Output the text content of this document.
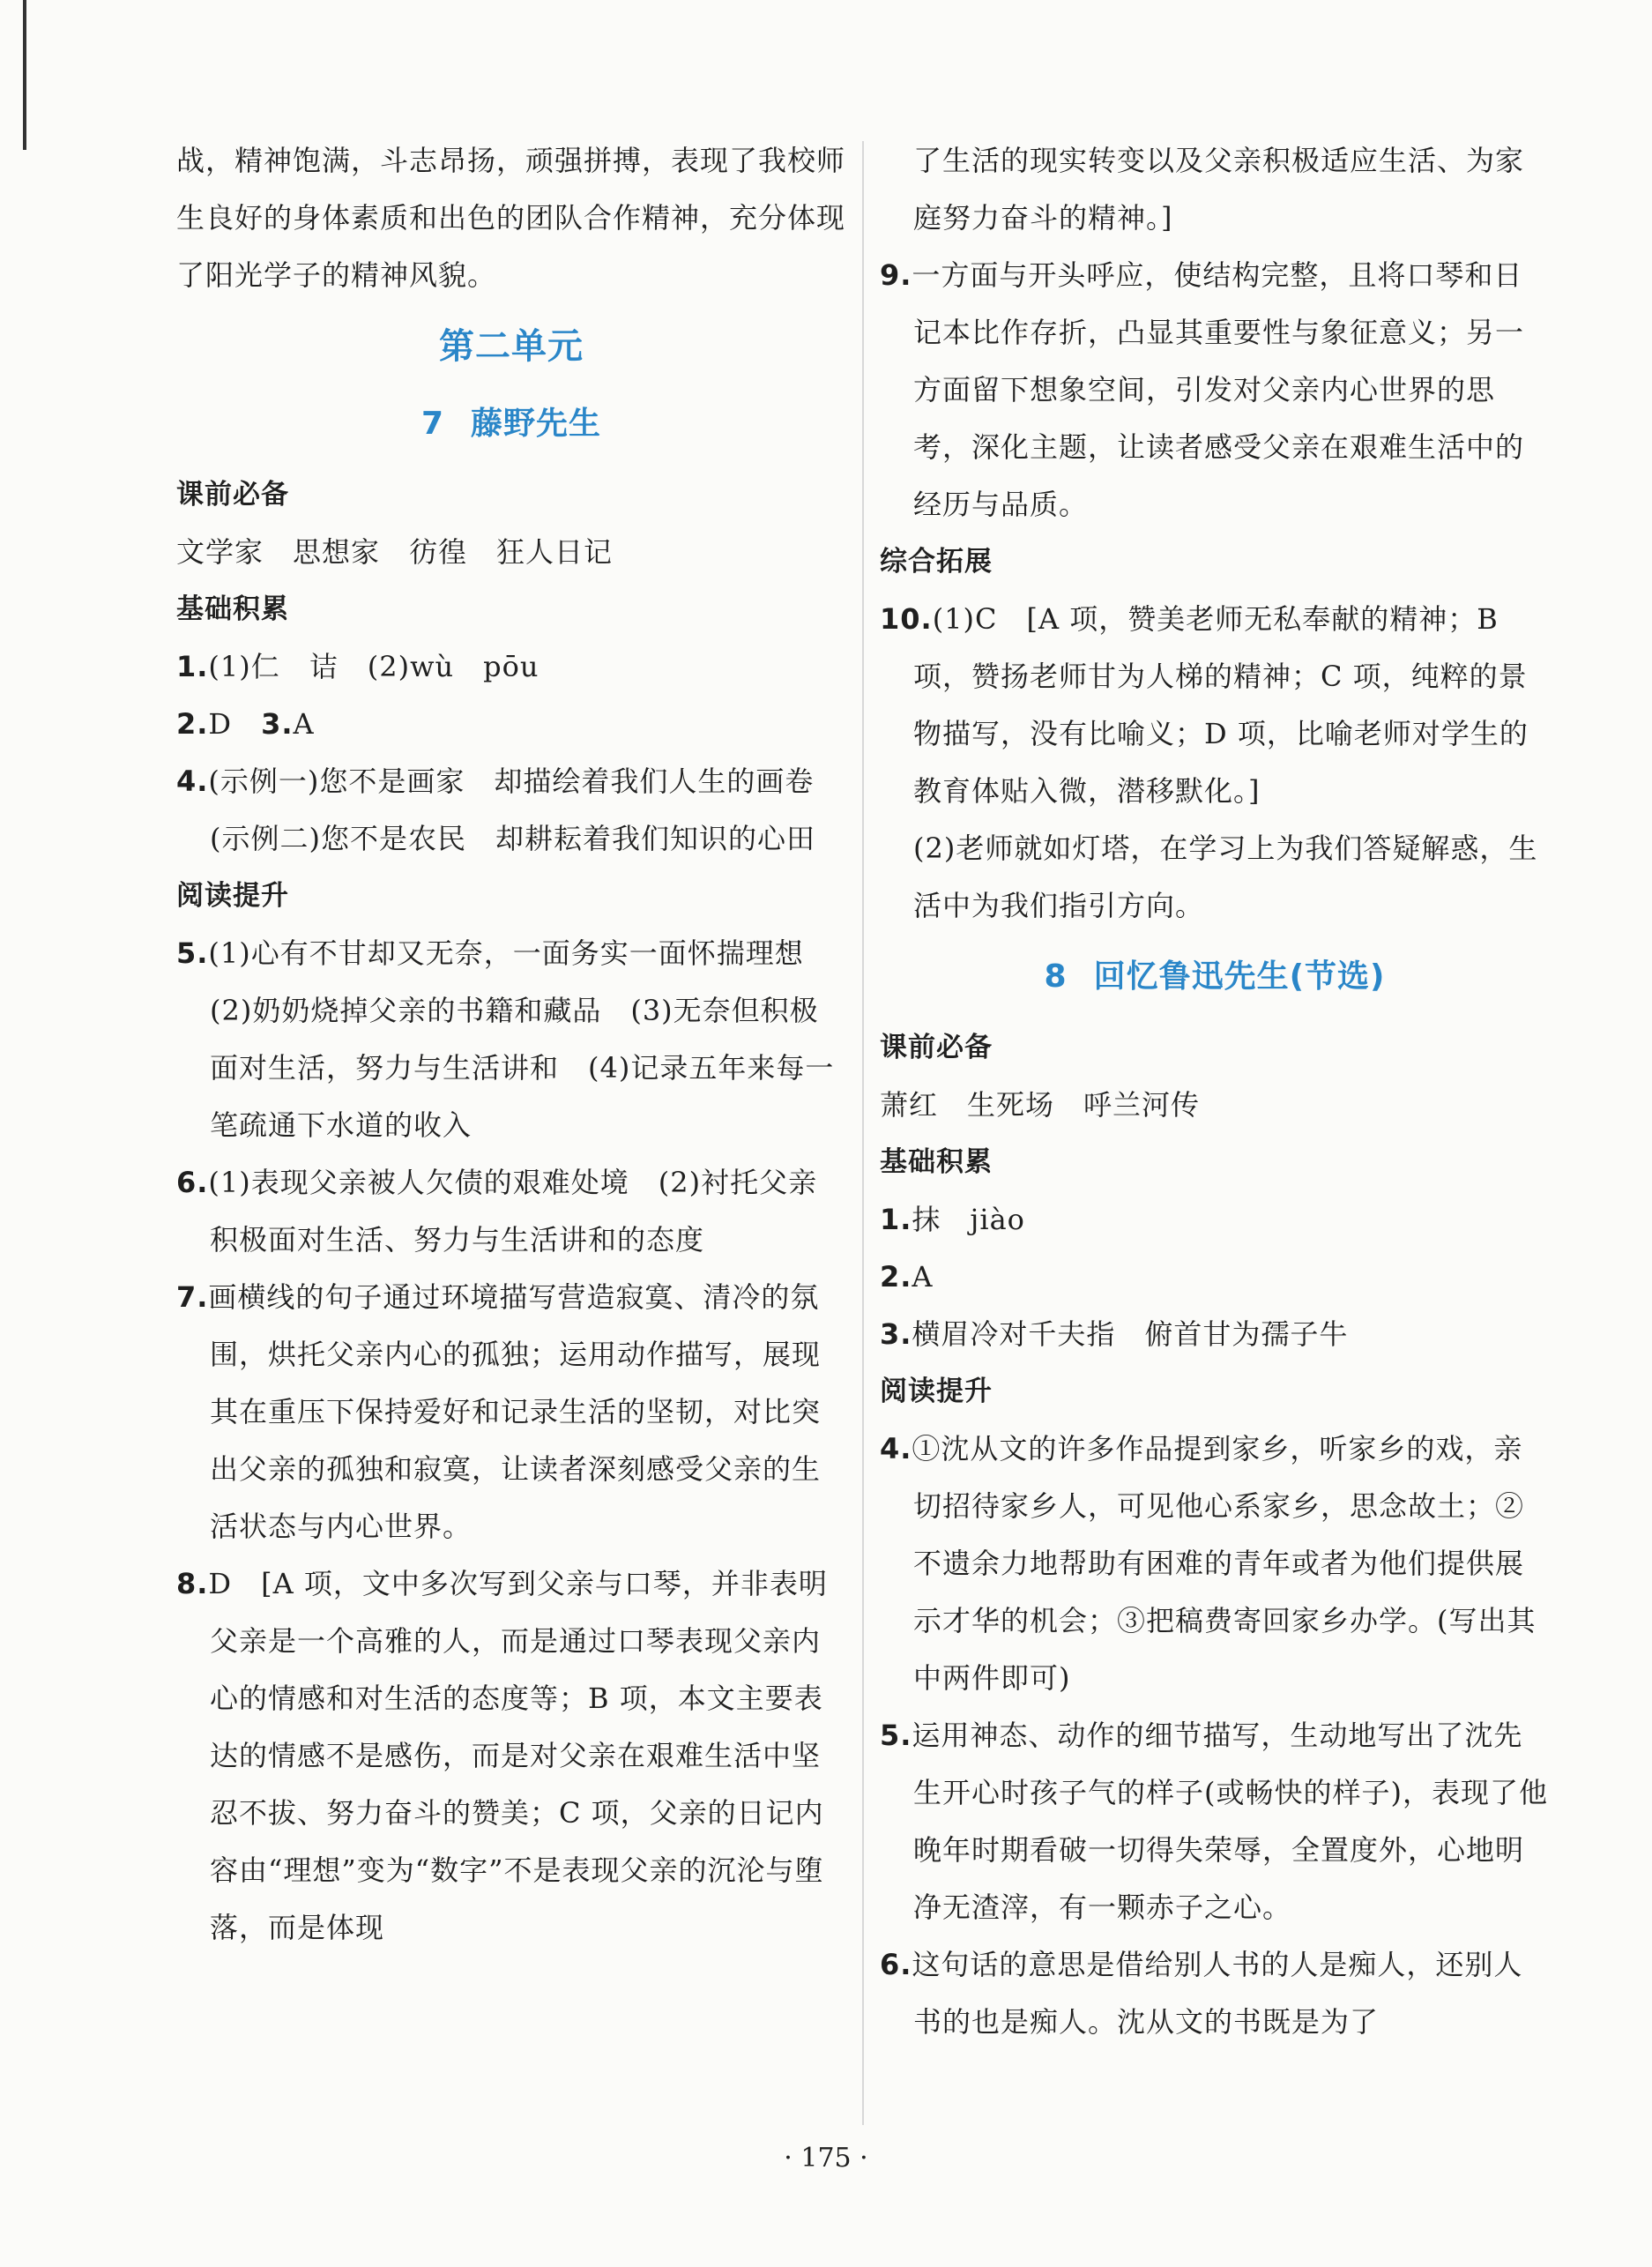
战，精神饱满，斗志昂扬，顽强拼搏，表现了我校师生良好的身体素质和出色的团队合作精神，充分体现了阳光学子的精神风貌。

第二单元
7 藤野先生

课前必备

文学家　思想家　彷徨　狂人日记

基础积累

1.(1)仁　诘　(2)wù　pōu

2.D　 3.A

4.(示例一)您不是画家　却描绘着我们人生的画卷　(示例二)您不是农民　却耕耘着我们知识的心田

阅读提升

5.(1)心有不甘却又无奈，一面务实一面怀揣理想　(2)奶奶烧掉父亲的书籍和藏品　(3)无奈但积极面对生活，努力与生活讲和　(4)记录五年来每一笔疏通下水道的收入

6.(1)表现父亲被人欠债的艰难处境　(2)衬托父亲积极面对生活、努力与生活讲和的态度

7.画横线的句子通过环境描写营造寂寞、清冷的氛围，烘托父亲内心的孤独；运用动作描写，展现其在重压下保持爱好和记录生活的坚韧，对比突出父亲的孤独和寂寞，让读者深刻感受父亲的生活状态与内心世界。

8.D　[A 项，文中多次写到父亲与口琴，并非表明父亲是一个高雅的人，而是通过口琴表现父亲内心的情感和对生活的态度等；B 项，本文主要表达的情感不是感伤，而是对父亲在艰难生活中坚忍不拔、努力奋斗的赞美；C 项，父亲的日记内容由“理想”变为“数字”不是表现父亲的沉沦与堕落，而是体现

了生活的现实转变以及父亲积极适应生活、为家庭努力奋斗的精神。]

9.一方面与开头呼应，使结构完整，且将口琴和日记本比作存折，凸显其重要性与象征意义；另一方面留下想象空间，引发对父亲内心世界的思考，深化主题，让读者感受父亲在艰难生活中的经历与品质。

综合拓展

10.(1)C　[A 项，赞美老师无私奉献的精神；B 项，赞扬老师甘为人梯的精神；C 项，纯粹的景物描写，没有比喻义；D 项，比喻老师对学生的教育体贴入微，潜移默化。]

(2)老师就如灯塔，在学习上为我们答疑解惑，生活中为我们指引方向。

8 回忆鲁迅先生(节选)

课前必备

萧红　生死场　呼兰河传

基础积累

1.抹　jiào

2.A

3.横眉冷对千夫指　俯首甘为孺子牛

阅读提升

4.①沈从文的许多作品提到家乡，听家乡的戏，亲切招待家乡人，可见他心系家乡，思念故土；②不遗余力地帮助有困难的青年或者为他们提供展示才华的机会；③把稿费寄回家乡办学。(写出其中两件即可)

5.运用神态、动作的细节描写，生动地写出了沈先生开心时孩子气的样子(或畅快的样子)，表现了他晚年时期看破一切得失荣辱，全置度外，心地明净无渣滓，有一颗赤子之心。

6.这句话的意思是借给别人书的人是痴人，还别人书的也是痴人。沈从文的书既是为了

· 175 ·
